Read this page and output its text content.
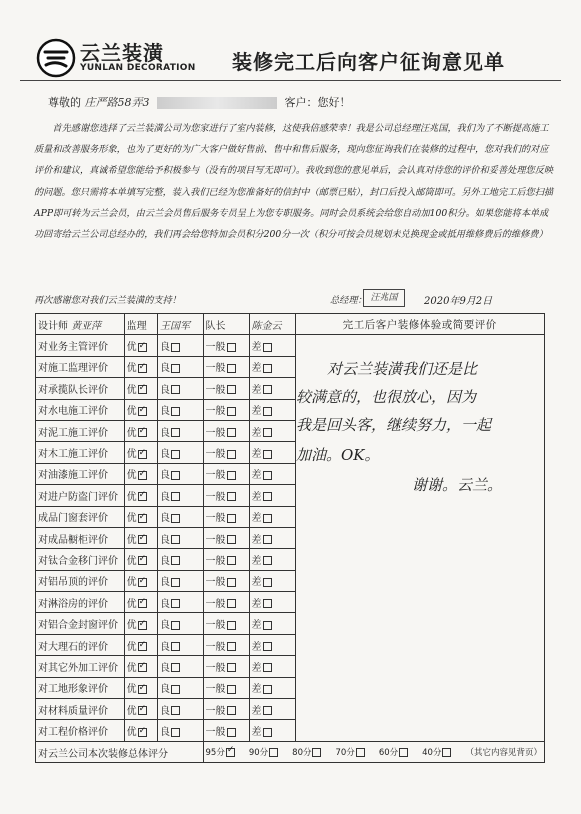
云兰装潢
YUNLAN DECORATION 装修完工后向客户征询意见单
尊敬的 庄严路58弄3	客户：您好！
首先感谢您选择了云兰装潢公司为您家进行了室内装修，这使我倍感荣幸！我是公司总经理汪兆国，我们为了不断提高施工质量和改善服务形象，也为了更好的为广大客户做好售前、售中和售后服务，现向您征询我们在装修的过程中，您对我们的对应评价和建议，真诚希望您能给予积极参与（没有的项目写无即可）。我收到您的意见单后，会认真对待您的评价和妥善处理您反映的问题。您只需将本单填写完整，装入我们已经为您准备好的信封中（邮票已贴），封口后投入邮筒即可。另外工地完工后您扫描APP即可转为云兰会员，由云兰会员售后服务专员呈上为您专职服务。同时会员系统会给您自动加100积分。如果您能将本单成功回寄给云兰公司总经办的，我们再会给您特加会员积分200分一次（积分可按会员规划未兑换现金或抵用维修费后的维修费）
再次感谢您对我们云兰装潢的支持！	总经理： 汪兆国	2020年9月2日
设计师 黄亚萍	监理	王国军	队长	陈金云	完工后客户装修体验或简要评价
对业务主管评价	优✓	良	一般	差	
对施工监理评价	优✓	良	一般	差	
对承揽队长评价	优✓	良	一般	差	
对水电施工评价	优✓	良	一般	差	
对泥工施工评价	优✓	良	一般	差	
对木工施工评价	优✓	良	一般	差	
对油漆施工评价	优✓	良	一般	差	
对进户防盗门评价	优✓	良	一般	差	
成品门窗套评价	优✓	良	一般	差	
对成品橱柜评价	优✓	良	一般	差	
对钛合金移门评价	优✓	良	一般	差	
对铝吊顶的评价	优✓	良	一般	差	
对淋浴房的评价	优✓	良	一般	差	
对铝合金封窗评价	优✓	良	一般	差	
对大理石的评价	优✓	良	一般	差	
对其它外加工评价	优✓	良	一般	差	
对工地形象评价	优✓	良	一般	差	
对材料质量评价	优✓	良	一般	差	
对工程价格评价	优✓	良	一般	差	
对云兰公司本次装修总体评分			95分 ✓ 90分 80分 70分 60分 40分 （其它内容见背页）
对云兰装潢我们还是比
较满意的，也很放心，因为
我是回头客，继续努力，一起
加油。OK。
谢谢。云兰。
